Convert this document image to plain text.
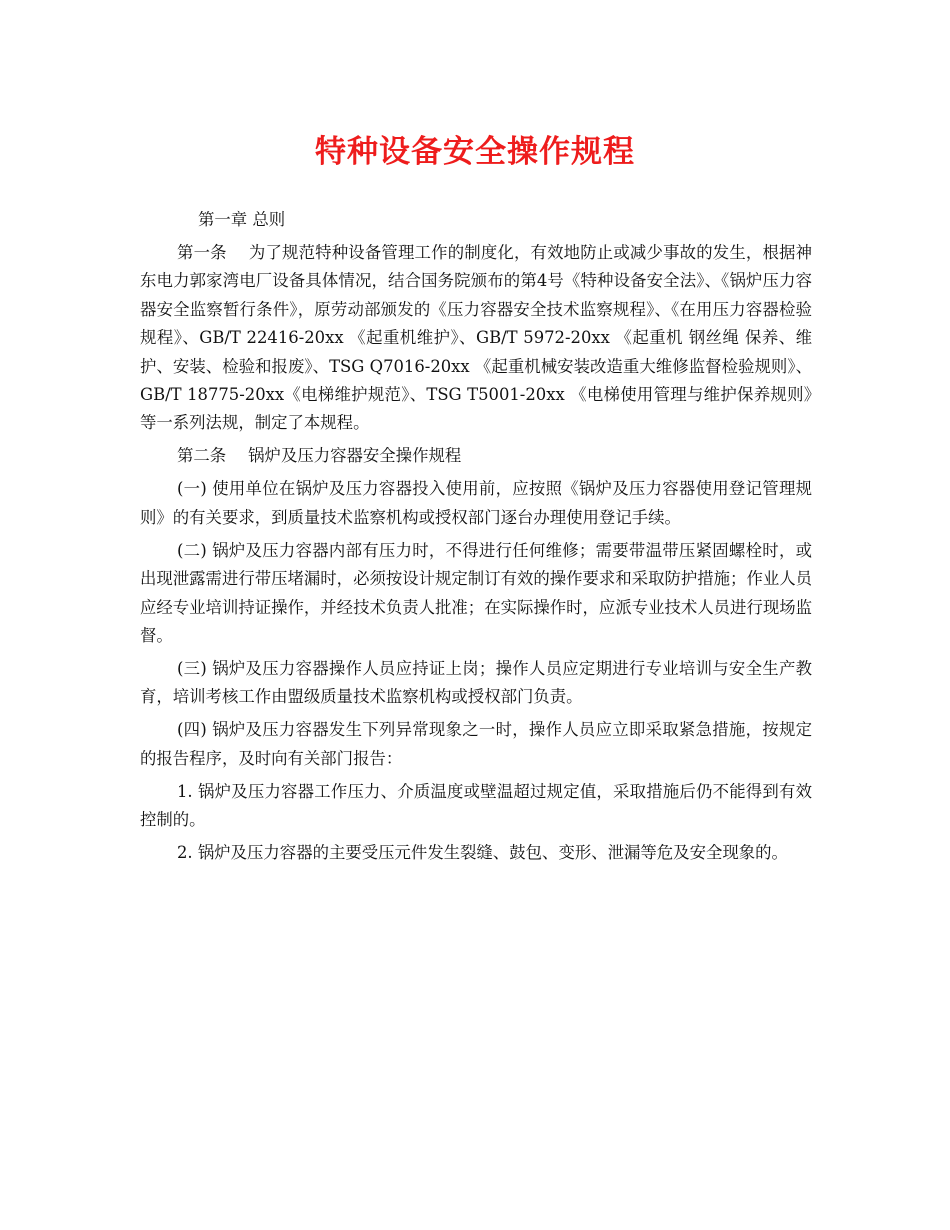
特种设备安全操作规程

第一章 总则

第一条 为了规范特种设备管理工作的制度化，有效地防止或减少事故的发生，根据神东电力郭家湾电厂设备具体情况，结合国务院颁布的第4号《特种设备安全法》、《锅炉压力容器安全监察暂行条件》，原劳动部颁发的《压力容器安全技术监察规程》、《在用压力容器检验规程》、GB/T 22416-20xx 《起重机维护》、GB/T 5972-20xx 《起重机 钢丝绳 保养、维护、安装、检验和报废》、TSG Q7016-20xx 《起重机械安装改造重大维修监督检验规则》、GB/T 18775-20xx《电梯维护规范》、TSG T5001-20xx 《电梯使用管理与维护保养规则》等一系列法规，制定了本规程。

第二条 锅炉及压力容器安全操作规程

(一) 使用单位在锅炉及压力容器投入使用前，应按照《锅炉及压力容器使用登记管理规则》的有关要求，到质量技术监察机构或授权部门逐台办理使用登记手续。

(二) 锅炉及压力容器内部有压力时，不得进行任何维修；需要带温带压紧固螺栓时，或出现泄露需进行带压堵漏时，必须按设计规定制订有效的操作要求和采取防护措施；作业人员应经专业培训持证操作，并经技术负责人批准；在实际操作时，应派专业技术人员进行现场监督。

(三) 锅炉及压力容器操作人员应持证上岗；操作人员应定期进行专业培训与安全生产教育，培训考核工作由盟级质量技术监察机构或授权部门负责。

(四) 锅炉及压力容器发生下列异常现象之一时，操作人员应立即采取紧急措施，按规定的报告程序，及时向有关部门报告：

1. 锅炉及压力容器工作压力、介质温度或壁温超过规定值，采取措施后仍不能得到有效控制的。

2. 锅炉及压力容器的主要受压元件发生裂缝、鼓包、变形、泄漏等危及安全现象的。
